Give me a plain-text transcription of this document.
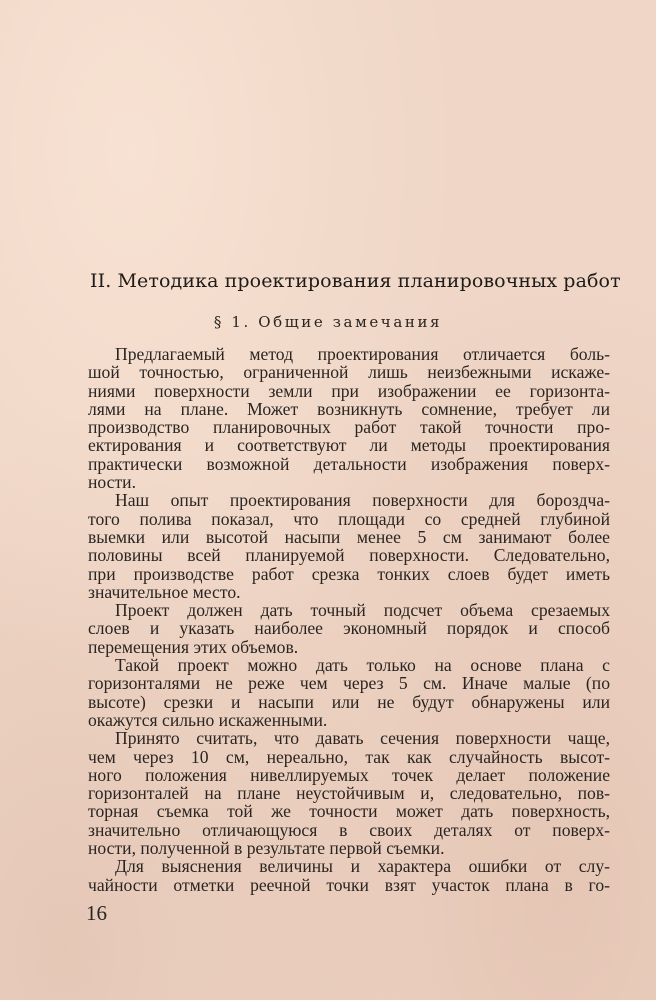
II. Методика проектирования планировочных работ
§ 1. Общие замечания
Предлагаемый метод проектирования отличается боль-
шой точностью, ограниченной лишь неизбежными искаже-
ниями поверхности земли при изображении ее горизонта-
лями на плане. Может возникнуть сомнение, требует ли
производство планировочных работ такой точности про-
ектирования и соответствуют ли методы проектирования
практически возможной детальности изображения поверх-
ности.
Наш опыт проектирования поверхности для бороздча-
того полива показал, что площади со средней глубиной
выемки или высотой насыпи менее 5 см занимают более
половины всей планируемой поверхности. Следовательно,
при производстве работ срезка тонких слоев будет иметь
значительное место.
Проект должен дать точный подсчет объема срезаемых
слоев и указать наиболее экономный порядок и способ
перемещения этих объемов.
Такой проект можно дать только на основе плана с
горизонталями не реже чем через 5 см. Иначе малые (по
высоте) срезки и насыпи или не будут обнаружены или
окажутся сильно искаженными.
Принято считать, что давать сечения поверхности чаще,
чем через 10 см, нереально, так как случайность высот-
ного положения нивеллируемых точек делает положение
горизонталей на плане неустойчивым и, следовательно, пов-
торная съемка той же точности может дать поверхность,
значительно отличающуюся в своих деталях от поверх-
ности, полученной в результате первой съемки.
Для выяснения величины и характера ошибки от слу-
чайности отметки реечной точки взят участок плана в го-
16
